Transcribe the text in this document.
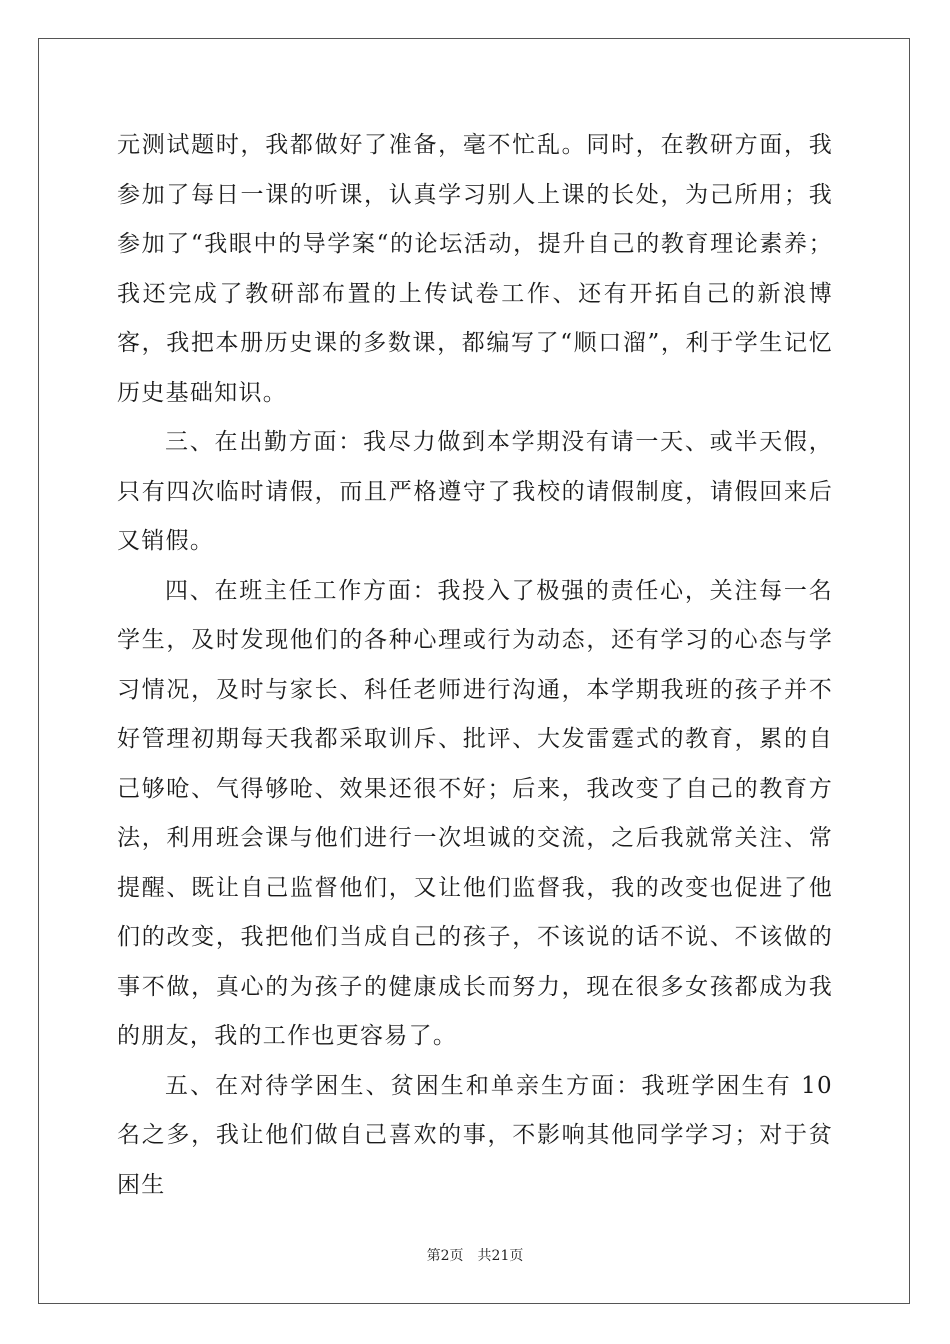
元测试题时，我都做好了准备，毫不忙乱。同时，在教研方面，我参加了每日一课的听课，认真学习别人上课的长处，为己所用；我参加了“我眼中的导学案“的论坛活动，提升自己的教育理论素养；我还完成了教研部布置的上传试卷工作、还有开拓自己的新浪博客，我把本册历史课的多数课，都编写了“顺口溜”，利于学生记忆历史基础知识。

三、在出勤方面：我尽力做到本学期没有请一天、或半天假，只有四次临时请假，而且严格遵守了我校的请假制度，请假回来后又销假。

四、在班主任工作方面：我投入了极强的责任心，关注每一名学生，及时发现他们的各种心理或行为动态，还有学习的心态与学习情况，及时与家长、科任老师进行沟通，本学期我班的孩子并不好管理初期每天我都采取训斥、批评、大发雷霆式的教育，累的自己够呛、气得够呛、效果还很不好；后来，我改变了自己的教育方法，利用班会课与他们进行一次坦诚的交流，之后我就常关注、常提醒、既让自己监督他们，又让他们监督我，我的改变也促进了他们的改变，我把他们当成自己的孩子，不该说的话不说、不该做的事不做，真心的为孩子的健康成长而努力，现在很多女孩都成为我的朋友，我的工作也更容易了。

五、在对待学困生、贫困生和单亲生方面：我班学困生有 10 名之多，我让他们做自己喜欢的事，不影响其他同学学习；对于贫困生

第2页 共21页
